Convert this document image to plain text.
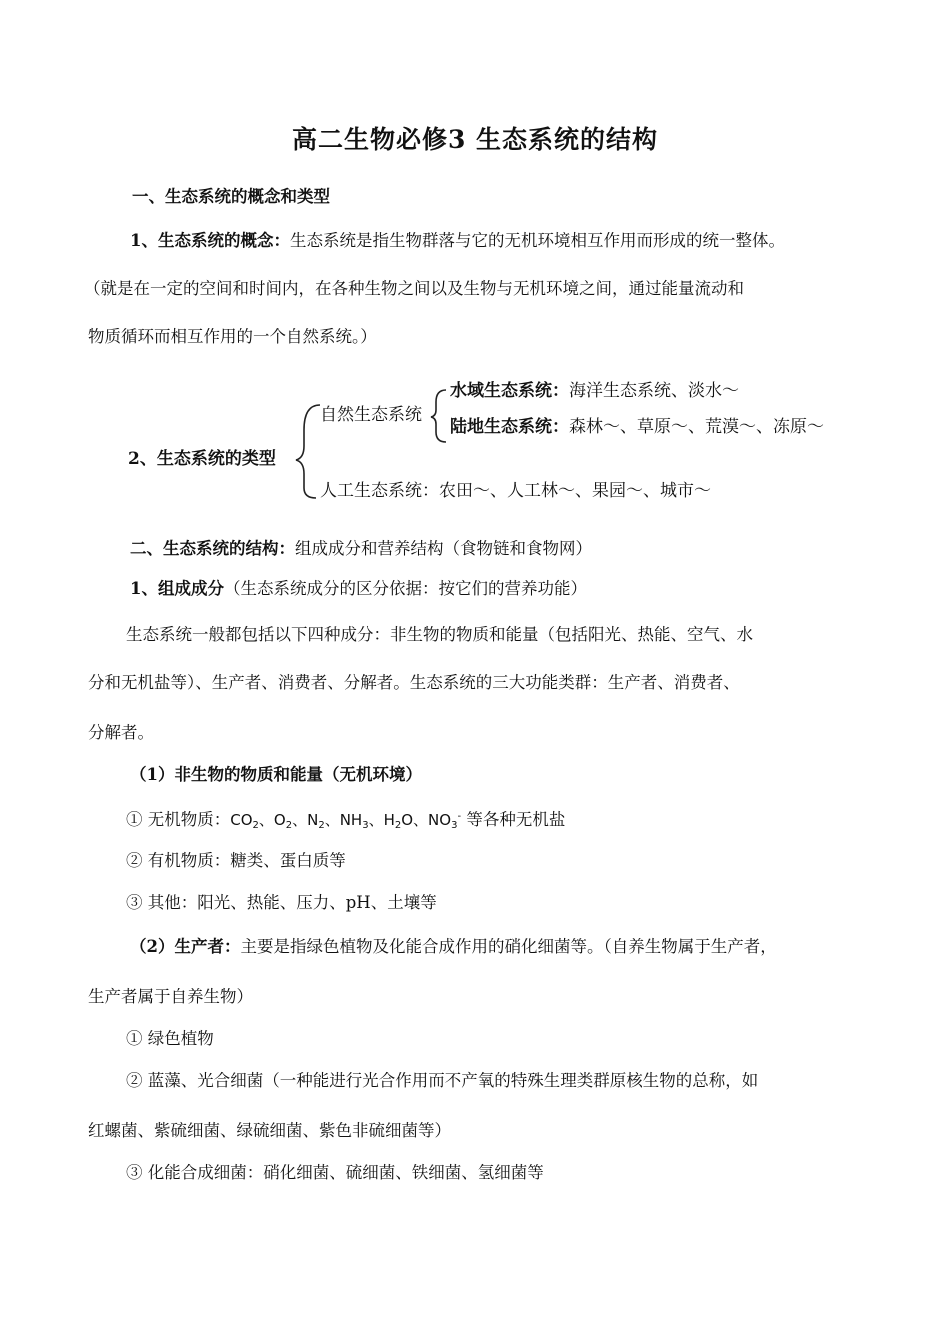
高二生物必修3 生态系统的结构
一、生态系统的概念和类型
1、生态系统的概念：生态系统是指生物群落与它的无机环境相互作用而形成的统一整体。
（就是在一定的空间和时间内，在各种生物之间以及生物与无机环境之间，通过能量流动和
物质循环而相互作用的一个自然系统。）
2、生态系统的类型
自然生态系统
水域生态系统：海洋生态系统、淡水～
陆地生态系统：森林～、草原～、荒漠～、冻原～
人工生态系统：农田～、人工林～、果园～、城市～
二、生态系统的结构：组成成分和营养结构（食物链和食物网）
1、组成成分（生态系统成分的区分依据：按它们的营养功能）
生态系统一般都包括以下四种成分：非生物的物质和能量（包括阳光、热能、空气、水
分和无机盐等）、生产者、消费者、分解者。生态系统的三大功能类群：生产者、消费者、
分解者。
（1）非生物的物质和能量（无机环境）
① 无机物质：$CO_2$、$O_2$、$N_2$、$NH_3$、$H_2O$、$NO_3^-$ 等各种无机盐
② 有机物质：糖类、蛋白质等
③ 其他：阳光、热能、压力、pH、土壤等
（2）生产者：主要是指绿色植物及化能合成作用的硝化细菌等。（自养生物属于生产者，
生产者属于自养生物）
① 绿色植物
② 蓝藻、光合细菌（一种能进行光合作用而不产氧的特殊生理类群原核生物的总称，如
红螺菌、紫硫细菌、绿硫细菌、紫色非硫细菌等）
③ 化能合成细菌：硝化细菌、硫细菌、铁细菌、氢细菌等
